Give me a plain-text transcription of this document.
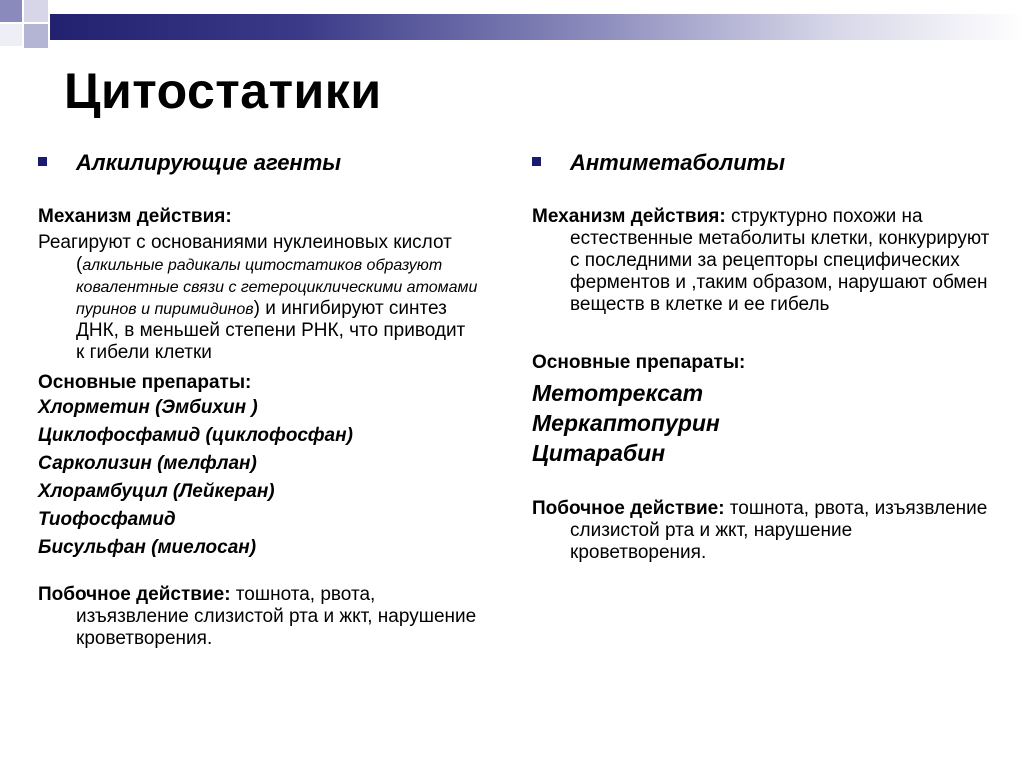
Цитостатики
Алкилирующие агенты
Механизм действия:
Реагируют с основаниями нуклеиновых кислот (алкильные радикалы цитостатиков образуют ковалентные связи с гетероциклическими атомами пуринов и пиримидинов) и ингибируют синтез ДНК, в меньшей степени РНК, что приводит к гибели клетки
Основные препараты:
Хлорметин (Эмбихин )
Циклофосфамид (циклофосфан)
Сарколизин (мелфлан)
Хлорамбуцил (Лейкеран)
Тиофосфамид
Бисульфан (миелосан)
Побочное действие: тошнота, рвота, изъязвление слизистой рта и жкт, нарушение кроветворения.
Антиметаболиты
Механизм действия: структурно похожи на естественные метаболиты клетки, конкурируют с последними за рецепторы специфических ферментов и ,таким образом, нарушают обмен веществ в клетке и ее гибель
Основные препараты:
Метотрексат
Меркаптопурин
Цитарабин
Побочное действие: тошнота, рвота, изъязвление слизистой рта и жкт, нарушение кроветворения.
